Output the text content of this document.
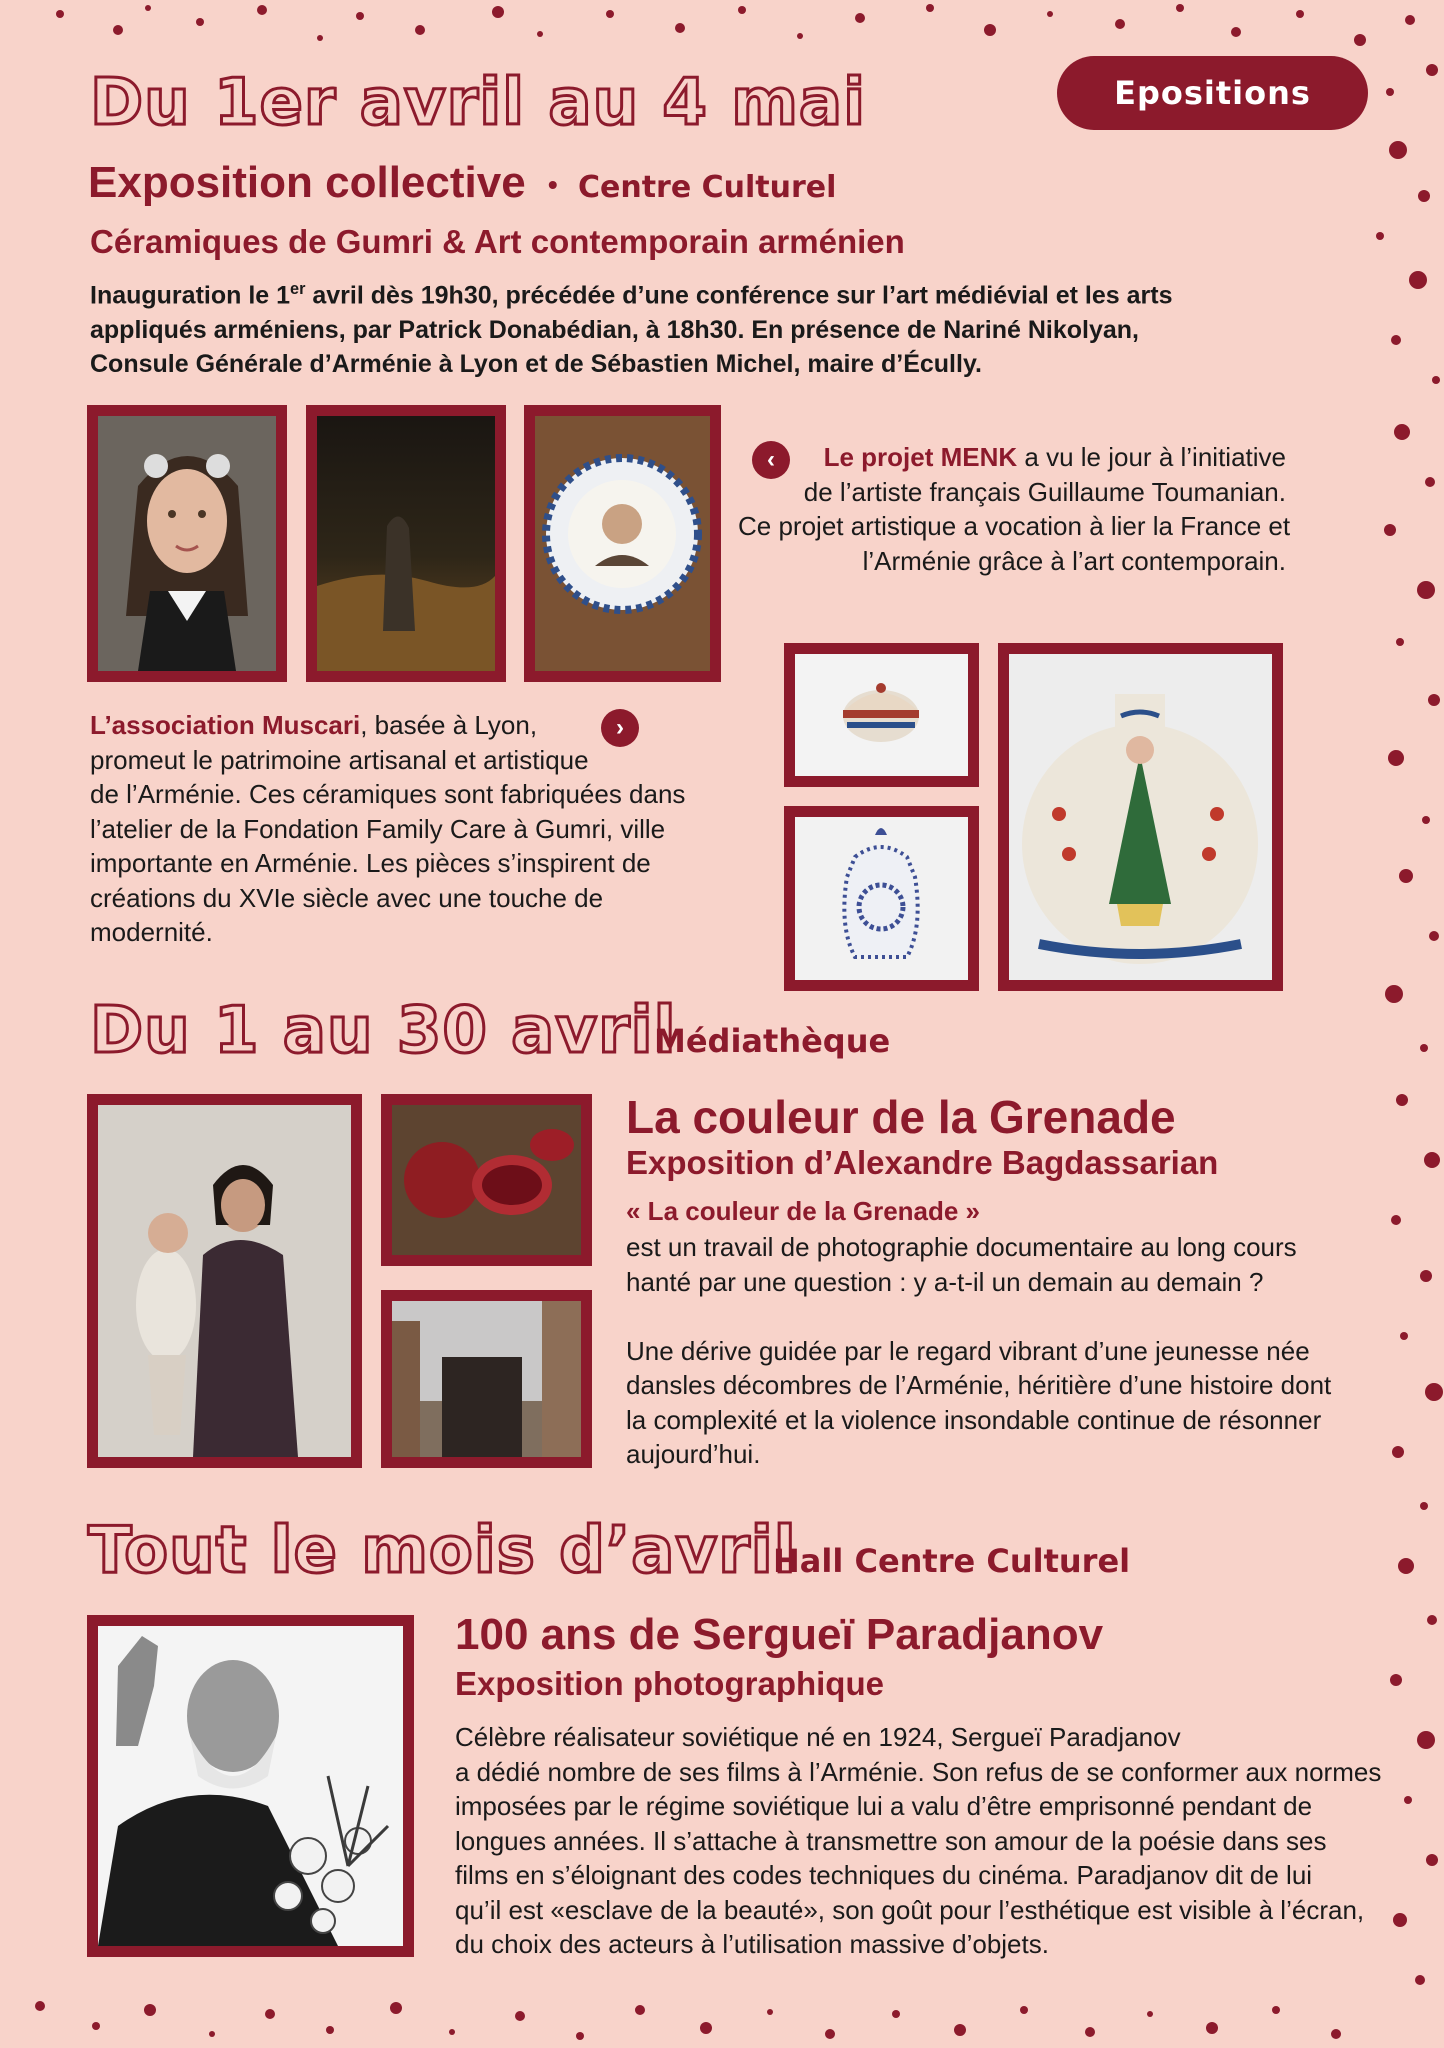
Epositions
Du 1er avril au 4 mai
Exposition collective • Centre Culturel
Céramiques de Gumri & Art contemporain arménien
Inauguration le 1er avril dès 19h30, précédée d’une conférence sur l’art médiévial et les arts
appliqués arméniens, par Patrick Donabédian, à 18h30. En présence de Nariné Nikolyan,
Consule Générale d’Arménie à Lyon et de Sébastien Michel, maire d’Écully.
‹	Le projet MENK a vu le jour à l’initiative
de l’artiste français Guillaume Toumanian.
Ce projet artistique a vocation à lier la France et
l’Arménie grâce à l’art contemporain.
L’association Muscari, basée à Lyon,
promeut le patrimoine artisanal et artistique
de l’Arménie. Ces céramiques sont fabriquées dans
l’atelier de la Fondation Family Care à Gumri, ville
importante en Arménie. Les pièces s’inspirent de
créations du XVIe siècle avec une touche de
modernité.
›
Du 1 au 30 avril
Médiathèque
La couleur de la Grenade
Exposition d’Alexandre Bagdassarian
« La couleur de la Grenade »
est un travail de photographie documentaire au long cours
hanté par une question : y a-t-il un demain au demain ?
Une dérive guidée par le regard vibrant d’une jeunesse née
dansles décombres de l’Arménie, héritière d’une histoire dont
la complexité et la violence insondable continue de résonner
aujourd’hui.
Tout le mois d’avril
Hall Centre Culturel
100 ans de Sergueï Paradjanov
Exposition photographique
Célèbre réalisateur soviétique né en 1924, Sergueï Paradjanov
a dédié nombre de ses films à l’Arménie. Son refus de se conformer aux normes
imposées par le régime soviétique lui a valu d’être emprisonné pendant de
longues années. Il s’attache à transmettre son amour de la poésie dans ses
films en s’éloignant des codes techniques du cinéma. Paradjanov dit de lui
qu’il est «esclave de la beauté», son goût pour l’esthétique est visible à l’écran,
du choix des acteurs à l’utilisation massive d’objets.
